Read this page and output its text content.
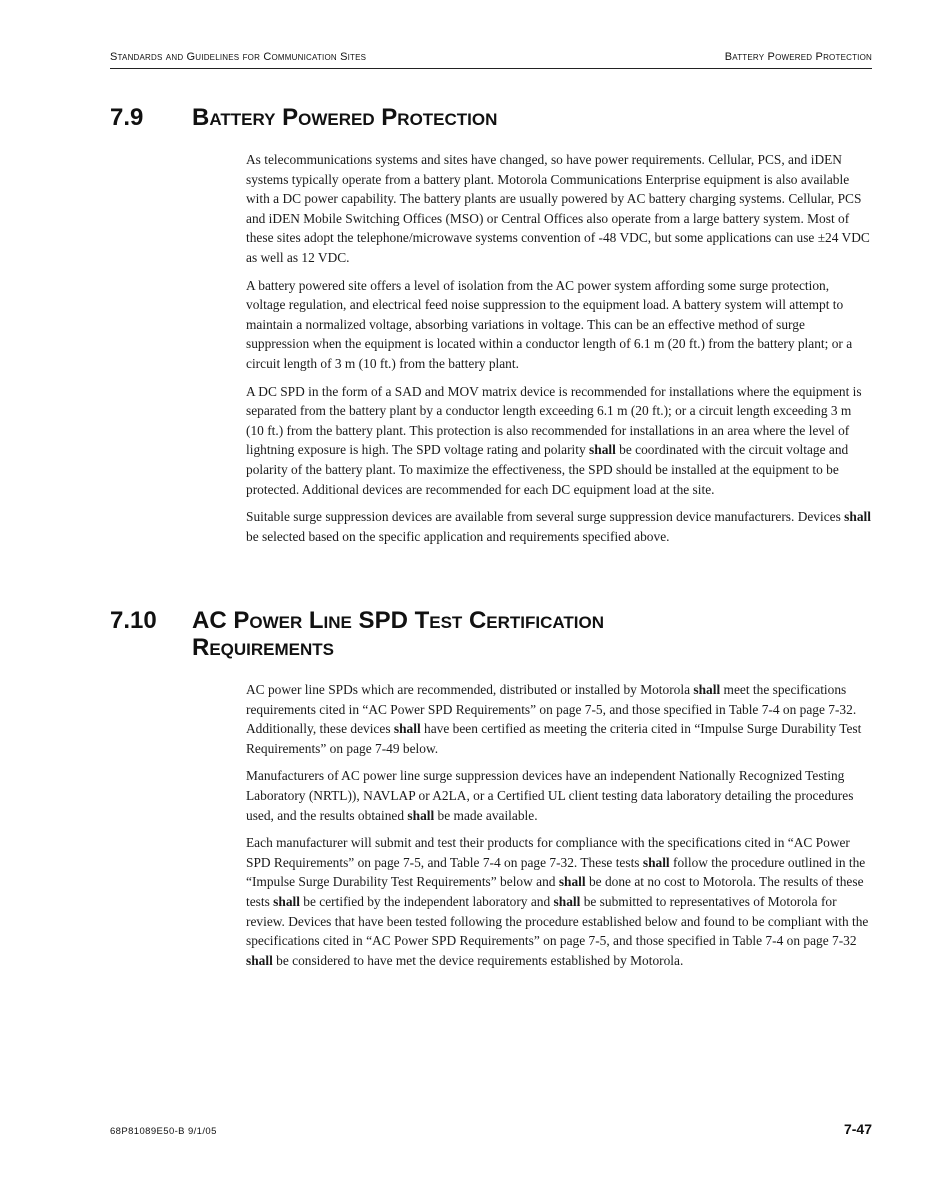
Standards and Guidelines for Communication Sites	Battery Powered Protection
7.9 Battery Powered Protection

As telecommunications systems and sites have changed, so have power requirements. Cellular, PCS, and iDEN systems typically operate from a battery plant. Motorola Communications Enterprise equipment is also available with a DC power capability. The battery plants are usually powered by AC battery charging systems. Cellular, PCS and iDEN Mobile Switching Offices (MSO) or Central Offices also operate from a large battery system. Most of these sites adopt the telephone/microwave systems convention of -48 VDC, but some applications can use ±24 VDC as well as 12 VDC.

A battery powered site offers a level of isolation from the AC power system affording some surge protection, voltage regulation, and electrical feed noise suppression to the equipment load. A battery system will attempt to maintain a normalized voltage, absorbing variations in voltage. This can be an effective method of surge suppression when the equipment is located within a conductor length of 6.1 m (20 ft.) from the battery plant; or a circuit length of 3 m (10 ft.) from the battery plant.

A DC SPD in the form of a SAD and MOV matrix device is recommended for installations where the equipment is separated from the battery plant by a conductor length exceeding 6.1 m (20 ft.); or a circuit length exceeding 3 m (10 ft.) from the battery plant. This protection is also recommended for installations in an area where the level of lightning exposure is high. The SPD voltage rating and polarity shall be coordinated with the circuit voltage and polarity of the battery plant. To maximize the effectiveness, the SPD should be installed at the equipment to be protected. Additional devices are recommended for each DC equipment load at the site.

Suitable surge suppression devices are available from several surge suppression device manufacturers. Devices shall be selected based on the specific application and requirements specified above.

7.10 AC Power Line SPD Test Certification
Requirements

AC power line SPDs which are recommended, distributed or installed by Motorola shall meet the specifications requirements cited in “AC Power SPD Requirements” on page 7-5, and those specified in Table 7-4 on page 7-32. Additionally, these devices shall have been certified as meeting the criteria cited in “Impulse Surge Durability Test Requirements” on page 7-49 below.

Manufacturers of AC power line surge suppression devices have an independent Nationally Recognized Testing Laboratory (NRTL)), NAVLAP or A2LA, or a Certified UL client testing data laboratory detailing the procedures used, and the results obtained shall be made available.

Each manufacturer will submit and test their products for compliance with the specifications cited in “AC Power SPD Requirements” on page 7-5, and Table 7-4 on page 7-32. These tests shall follow the procedure outlined in the “Impulse Surge Durability Test Requirements” below and shall be done at no cost to Motorola. The results of these tests shall be certified by the independent laboratory and shall be submitted to representatives of Motorola for review. Devices that have been tested following the procedure established below and found to be compliant with the specifications cited in “AC Power SPD Requirements” on page 7-5, and those specified in Table 7-4 on page 7-32 shall be considered to have met the device requirements established by Motorola.

68P81089E50-B 9/1/05	7-47
